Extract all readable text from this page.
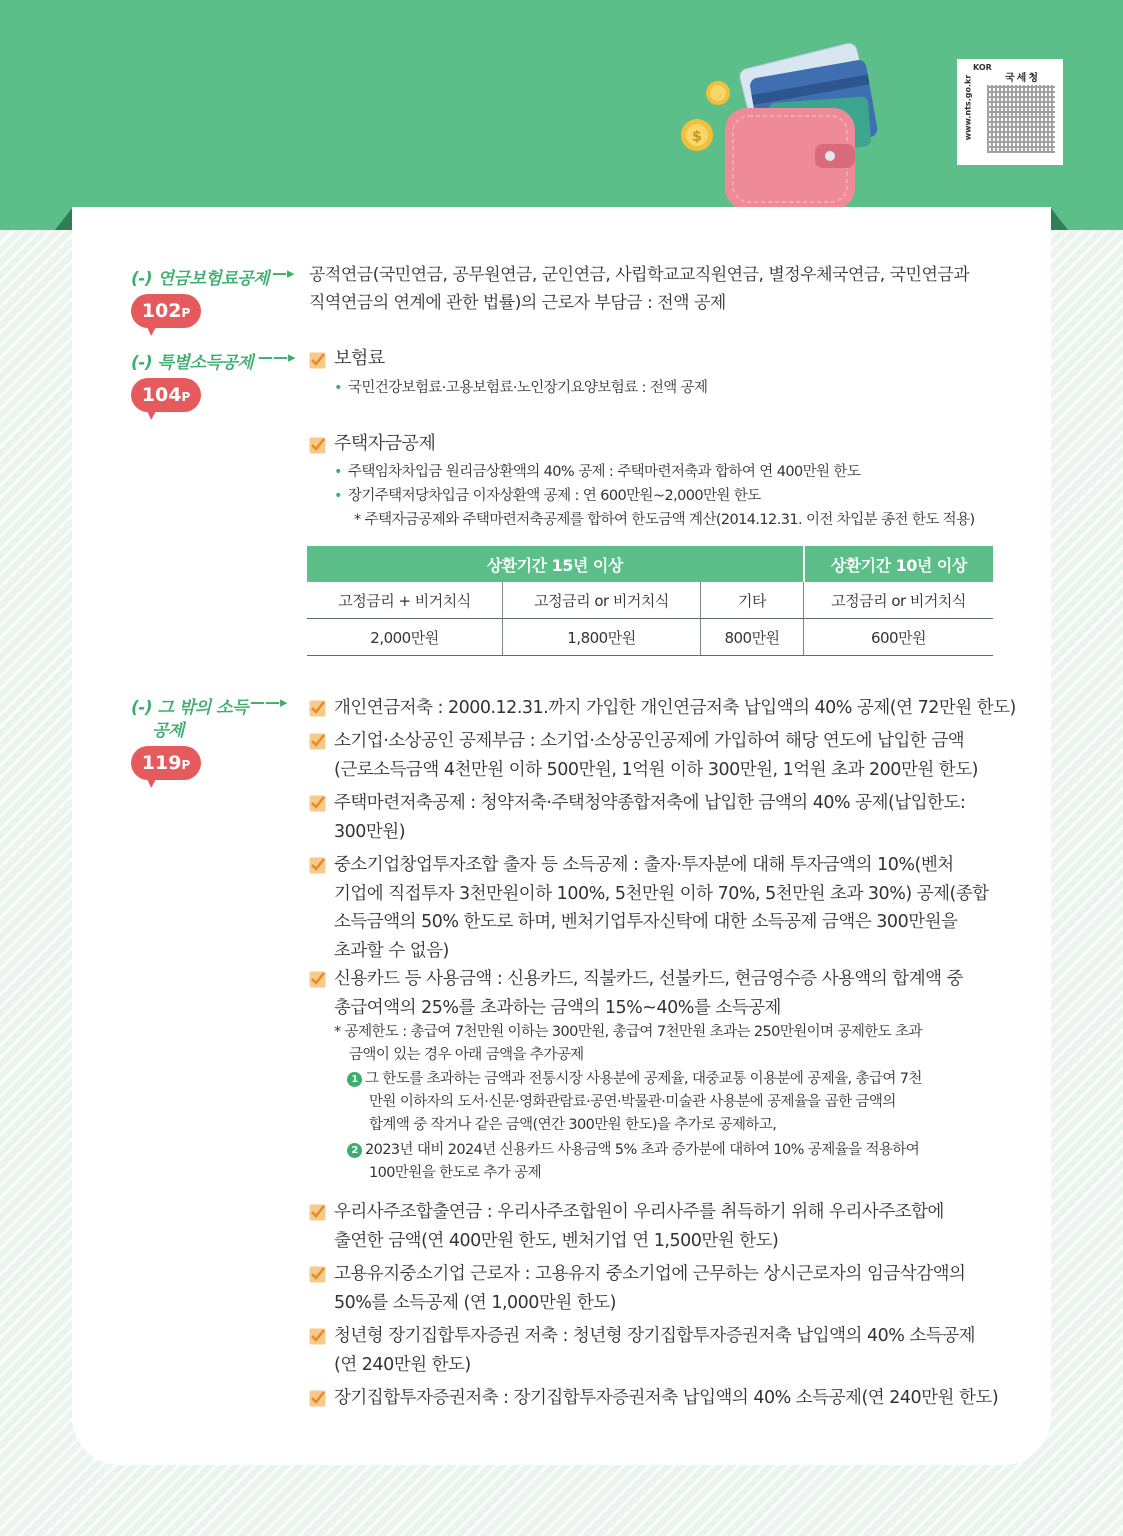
$	www.nts.go.kr
KOR
국세청
(-) 연금보험료공제 —▸
102P
공적연금(국민연금, 공무원연금, 군인연금, 사립학교교직원연금, 별정우체국연금, 국민연금과
직역연금의 연계에 관한 법률)의 근로자 부담금 : 전액 공제
(-) 특별소득공제 ——▸
104P
보험료
• 국민건강보험료·고용보험료·노인장기요양보험료 : 전액 공제
주택자금공제
• 주택임차차입금 원리금상환액의 40% 공제 : 주택마련저축과 합하여 연 400만원 한도
• 장기주택저당차입금 이자상환액 공제 : 연 600만원~2,000만원 한도
* 주택자금공제와 주택마련저축공제를 합하여 한도금액 계산(2014.12.31. 이전 차입분 종전 한도 적용)
상환기간 15년 이상			상환기간 10년 이상
고정금리 + 비거치식	고정금리 or 비거치식	기타	고정금리 or 비거치식
2,000만원	1,800만원	800만원	600만원
(-) 그 밖의 소득
공제
——▸
119P
개인연금저축 : 2000.12.31.까지 가입한 개인연금저축 납입액의 40% 공제(연 72만원 한도)
소기업·소상공인 공제부금 : 소기업·소상공인공제에 가입하여 해당 연도에 납입한 금액
(근로소득금액 4천만원 이하 500만원, 1억원 이하 300만원, 1억원 초과 200만원 한도)
주택마련저축공제 : 청약저축·주택청약종합저축에 납입한 금액의 40% 공제(납입한도:
300만원)
중소기업창업투자조합 출자 등 소득공제 : 출자·투자분에 대해 투자금액의 10%(벤처
기업에 직접투자 3천만원이하 100%, 5천만원 이하 70%, 5천만원 초과 30%) 공제(종합
소득금액의 50% 한도로 하며, 벤처기업투자신탁에 대한 소득공제 금액은 300만원을
초과할 수 없음)
신용카드 등 사용금액 : 신용카드, 직불카드, 선불카드, 현금영수증 사용액의 합계액 중
총급여액의 25%를 초과하는 금액의 15%~40%를 소득공제
우리사주조합출연금 : 우리사주조합원이 우리사주를 취득하기 위해 우리사주조합에
출연한 금액(연 400만원 한도, 벤처기업 연 1,500만원 한도)
고용유지중소기업 근로자 : 고용유지 중소기업에 근무하는 상시근로자의 임금삭감액의
50%를 소득공제 (연 1,000만원 한도)
청년형 장기집합투자증권 저축 : 청년형 장기집합투자증권저축 납입액의 40% 소득공제
(연 240만원 한도)
장기집합투자증권저축 : 장기집합투자증권저축 납입액의 40% 소득공제(연 240만원 한도)
* 공제한도 : 총급여 7천만원 이하는 300만원, 총급여 7천만원 초과는 250만원이며 공제한도 초과
금액이 있는 경우 아래 금액을 추가공제
1 그 한도를 초과하는 금액과 전통시장 사용분에 공제율, 대중교통 이용분에 공제율, 총급여 7천
만원 이하자의 도서·신문·영화관람료·공연·박물관·미술관 사용분에 공제율을 곱한 금액의
합계액 중 작거나 같은 금액(연간 300만원 한도)을 추가로 공제하고,
2 2023년 대비 2024년 신용카드 사용금액 5% 초과 증가분에 대하여 10% 공제율을 적용하여
100만원을 한도로 추가 공제
